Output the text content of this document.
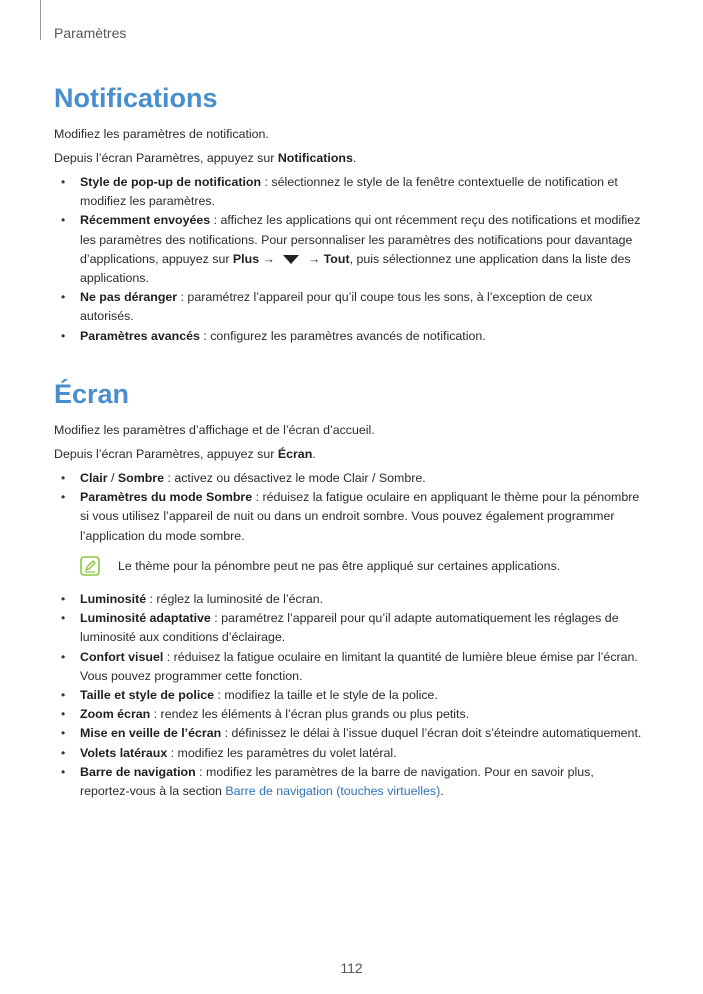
Paramètres
Notifications

Modifiez les paramètres de notification.

Depuis l’écran Paramètres, appuyez sur Notifications.

• Style de pop-up de notification : sélectionnez le style de la fenêtre contextuelle de notification et
modifiez les paramètres.
• Récemment envoyées : affichez les applications qui ont récemment reçu des notifications et modifiez
les paramètres des notifications. Pour personnaliser les paramètres des notifications pour davantage
d’applications, appuyez sur Plus →  → Tout, puis sélectionnez une application dans la liste des
applications.
• Ne pas déranger : paramétrez l’appareil pour qu’il coupe tous les sons, à l’exception de ceux autorisés.
• Paramètres avancés : configurez les paramètres avancés de notification.
Écran

Modifiez les paramètres d’affichage et de l’écran d’accueil.

Depuis l’écran Paramètres, appuyez sur Écran.

• Clair / Sombre : activez ou désactivez le mode Clair / Sombre.
• Paramètres du mode Sombre : réduisez la fatigue oculaire en appliquant le thème pour la pénombre
si vous utilisez l’appareil de nuit ou dans un endroit sombre. Vous pouvez également programmer
l’application du mode sombre.
Le thème pour la pénombre peut ne pas être appliqué sur certaines applications.
• Luminosité : réglez la luminosité de l’écran.
• Luminosité adaptative : paramétrez l’appareil pour qu’il adapte automatiquement les réglages de
luminosité aux conditions d’éclairage.
• Confort visuel : réduisez la fatigue oculaire en limitant la quantité de lumière bleue émise par l’écran.
Vous pouvez programmer cette fonction.
• Taille et style de police : modifiez la taille et le style de la police.
• Zoom écran : rendez les éléments à l’écran plus grands ou plus petits.
• Mise en veille de l’écran : définissez le délai à l’issue duquel l’écran doit s’éteindre automatiquement.
• Volets latéraux : modifiez les paramètres du volet latéral.
• Barre de navigation : modifiez les paramètres de la barre de navigation. Pour en savoir plus,
reportez-vous à la section Barre de navigation (touches virtuelles).
112
